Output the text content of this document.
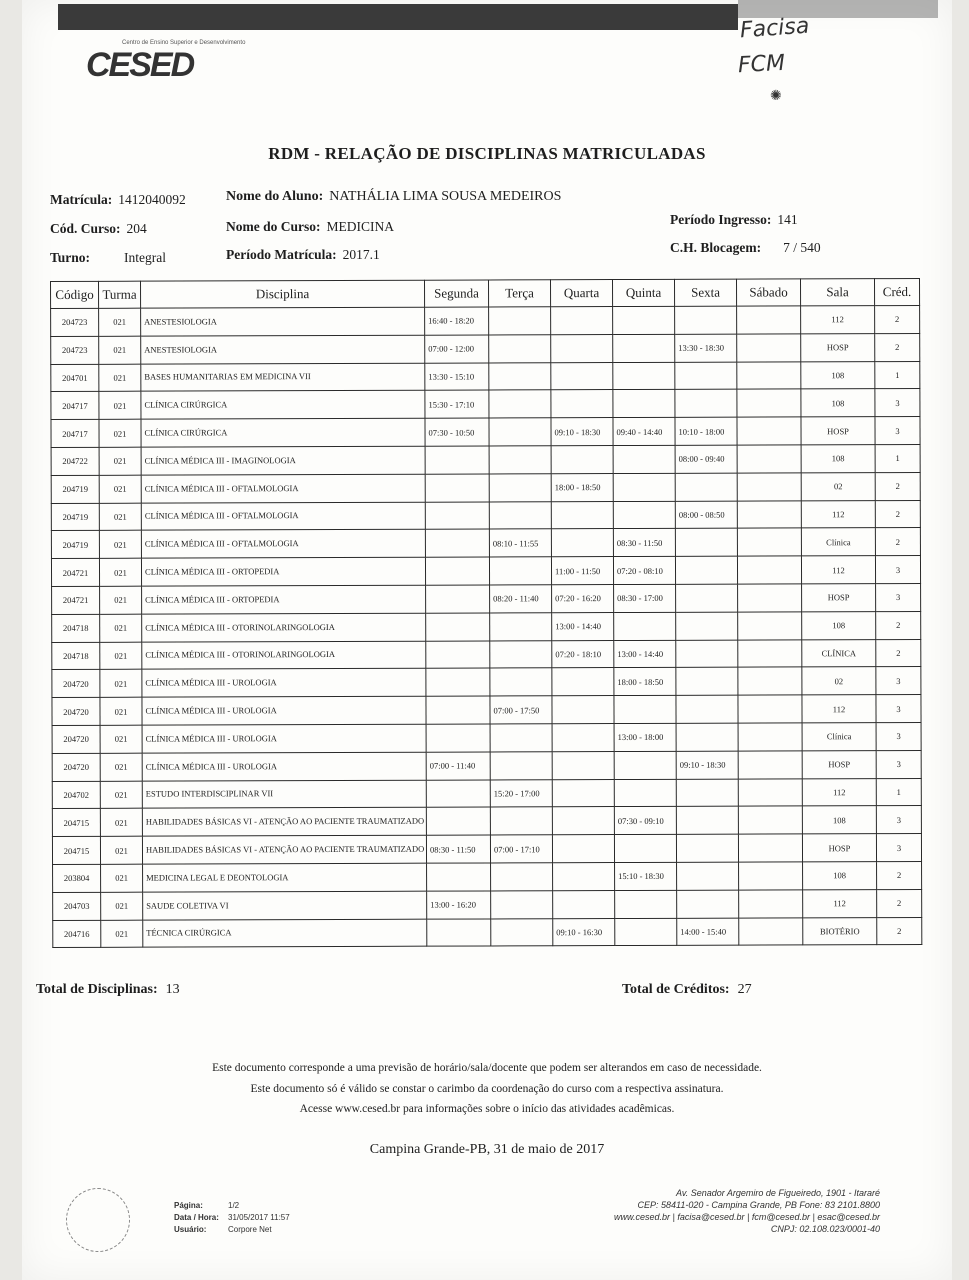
CESED
Centro de Ensino Superior e Desenvolvimento	Facisa
FCM
✺
RDM - RELAÇÃO DE DISCIPLINAS MATRICULADAS
Matrícula: 1412040092	Nome do Aluno: NATHÁLIA LIMA SOUSA MEDEIROS
Cód. Curso: 204	Nome do Curso: MEDICINA	Período Ingresso: 141
Turno:	Integral	Período Matrícula: 2017.1	C.H. Blocagem: 7 / 540
Código	Turma	Disciplina	Segunda	Terça	Quarta	Quinta	Sexta	Sábado	Sala	Créd.
204723	021	ANESTESIOLOGIA	16:40 - 18:20						112	2
204723	021	ANESTESIOLOGIA	07:00 - 12:00				13:30 - 18:30		HOSP	2
204701	021	BASES HUMANITARIAS EM MEDICINA VII	13:30 - 15:10						108	1
204717	021	CLÍNICA CIRÚRGICA	15:30 - 17:10						108	3
204717	021	CLÍNICA CIRÚRGICA	07:30 - 10:50		09:10 - 18:30	09:40 - 14:40	10:10 - 18:00		HOSP	3
204722	021	CLÍNICA MÉDICA III - IMAGINOLOGIA					08:00 - 09:40		108	1
204719	021	CLÍNICA MÉDICA III - OFTALMOLOGIA			18:00 - 18:50				02	2
204719	021	CLÍNICA MÉDICA III - OFTALMOLOGIA					08:00 - 08:50		112	2
204719	021	CLÍNICA MÉDICA III - OFTALMOLOGIA		08:10 - 11:55		08:30 - 11:50			Clínica	2
204721	021	CLÍNICA MÉDICA III - ORTOPEDIA			11:00 - 11:50	07:20 - 08:10			112	3
204721	021	CLÍNICA MÉDICA III - ORTOPEDIA		08:20 - 11:40	07:20 - 16:20	08:30 - 17:00			HOSP	3
204718	021	CLÍNICA MÉDICA III - OTORINOLARINGOLOGIA			13:00 - 14:40				108	2
204718	021	CLÍNICA MÉDICA III - OTORINOLARINGOLOGIA			07:20 - 18:10	13:00 - 14:40			CLÍNICA	2
204720	021	CLÍNICA MÉDICA III - UROLOGIA				18:00 - 18:50			02	3
204720	021	CLÍNICA MÉDICA III - UROLOGIA		07:00 - 17:50					112	3
204720	021	CLÍNICA MÉDICA III - UROLOGIA				13:00 - 18:00			Clínica	3
204720	021	CLÍNICA MÉDICA III - UROLOGIA	07:00 - 11:40				09:10 - 18:30		HOSP	3
204702	021	ESTUDO INTERDISCIPLINAR VII		15:20 - 17:00					112	1
204715	021	HABILIDADES BÁSICAS VI - ATENÇÃO AO PACIENTE TRAUMATIZADO				07:30 - 09:10			108	3
204715	021	HABILIDADES BÁSICAS VI - ATENÇÃO AO PACIENTE TRAUMATIZADO	08:30 - 11:50	07:00 - 17:10					HOSP	3
203804	021	MEDICINA LEGAL E DEONTOLOGIA				15:10 - 18:30			108	2
204703	021	SAUDE COLETIVA VI	13:00 - 16:20						112	2
204716	021	TÉCNICA CIRÚRGICA			09:10 - 16:30		14:00 - 15:40		BIOTÉRIO	2
Total de Disciplinas: 13	Total de Créditos: 27
Este documento corresponde a uma previsão de horário/sala/docente que podem ser alterandos em caso de necessidade.
Este documento só é válido se constar o carimbo da coordenação do curso com a respectiva assinatura.
Acesse www.cesed.br para informações sobre o início das atividades acadêmicas.
Campina Grande-PB, 31 de maio de 2017
Página:	1/2
Data / Hora: 31/05/2017 11:57
Usuário:	Corpore Net
Av. Senador Argemiro de Figueiredo, 1901 - Itararé
CEP: 58411-020 - Campina Grande, PB Fone: 83 2101.8800
www.cesed.br | facisa@cesed.br | fcm@cesed.br | esac@cesed.br
CNPJ: 02.108.023/0001-40
